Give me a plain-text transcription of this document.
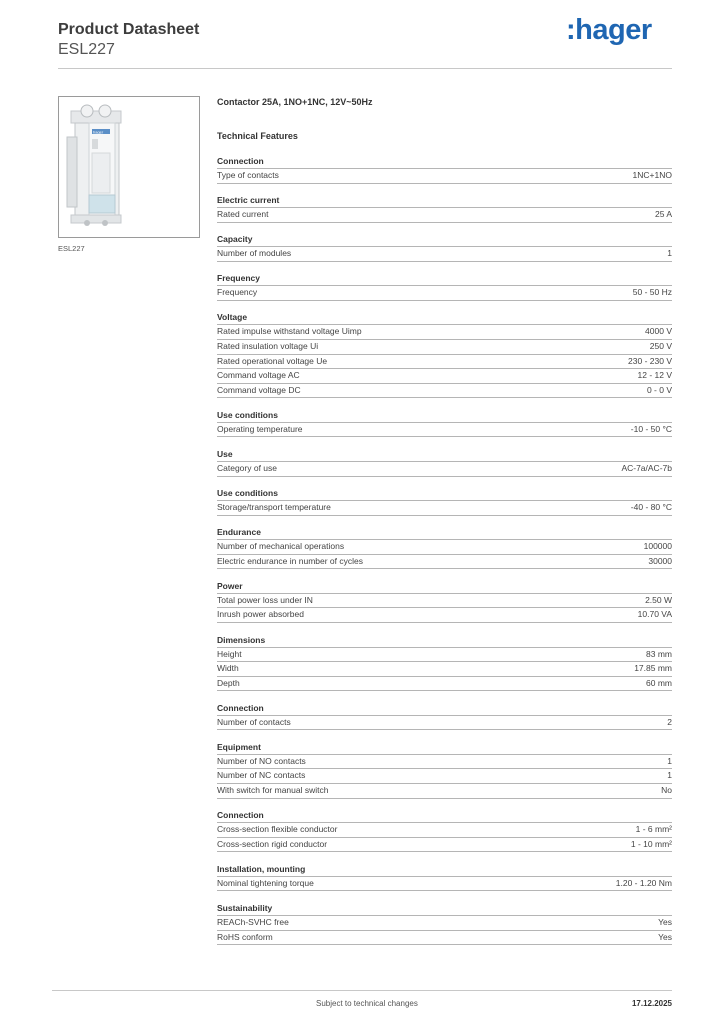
Product Datasheet
ESL227
:hager
hager
ESL227
Contactor 25A, 1NO+1NC, 12V~50Hz
Technical Features
Connection
Type of contacts	1NC+1NO
Electric current
Rated current	25 A
Capacity
Number of modules	1
Frequency
Frequency	50 - 50 Hz
Voltage
Rated impulse withstand voltage Uimp	4000 V
Rated insulation voltage Ui	250 V
Rated operational voltage Ue	230 - 230 V
Command voltage AC	12 - 12 V
Command voltage DC	0 - 0 V
Use conditions
Operating temperature	-10 - 50 °C
Use
Category of use	AC-7a/AC-7b
Use conditions
Storage/transport temperature	-40 - 80 °C
Endurance
Number of mechanical operations	100000
Electric endurance in number of cycles	30000
Power
Total power loss under IN	2.50 W
Inrush power absorbed	10.70 VA
Dimensions
Height	83 mm
Width	17.85 mm
Depth	60 mm
Connection
Number of contacts	2
Equipment
Number of NO contacts	1
Number of NC contacts	1
With switch for manual switch	No
Connection
Cross-section flexible conductor	1 - 6 mm²
Cross-section rigid conductor	1 - 10 mm²
Installation, mounting
Nominal tightening torque	1.20 - 1.20 Nm
Sustainability
REACh-SVHC free	Yes
RoHS conform	Yes
Subject to technical changes	17.12.2025
